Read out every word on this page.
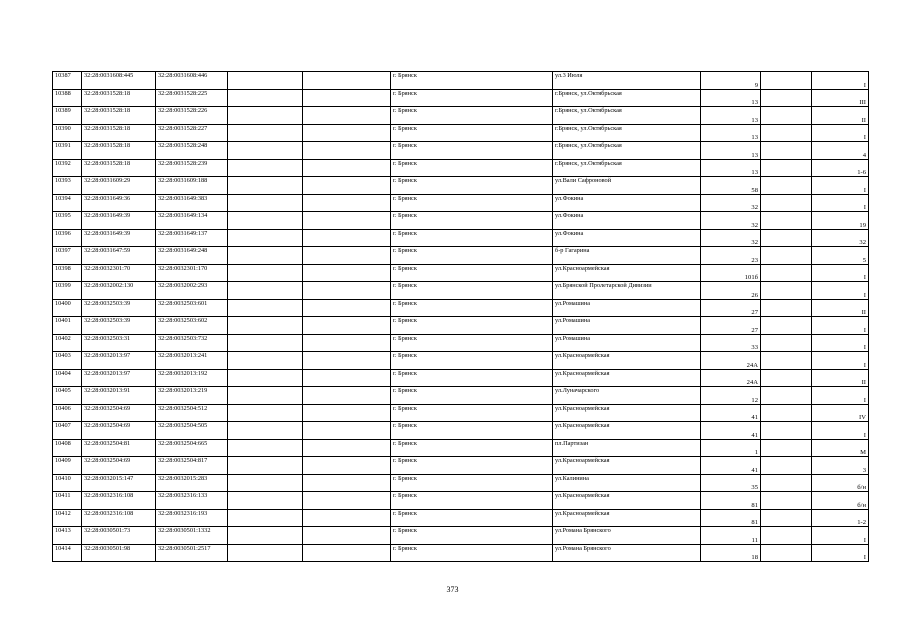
10387	32:28:0031608:445	32:28:0031608:446			г. Брянск	ул.3 Июля	9		I
10388	32:28:0031528:18	32:28:0031528:225			г. Брянск	г.Брянск, ул.Октябрьская	13		III
10389	32:28:0031528:18	32:28:0031528:226			г. Брянск	г.Брянск, ул.Октябрьская	13		II
10390	32:28:0031528:18	32:28:0031528:227			г. Брянск	г.Брянск, ул.Октябрьская	13		I
10391	32:28:0031528:18	32:28:0031528:248			г. Брянск	г.Брянск, ул.Октябрьская	13		4
10392	32:28:0031528:18	32:28:0031528:239			г. Брянск	г.Брянск, ул.Октябрьская	13		1-6
10393	32:28:0031609:29	32:28:0031609:188			г. Брянск	ул.Вали Сафроновой	58		I
10394	32:28:0031649:36	32:28:0031649:383			г. Брянск	ул.Фокина	32		I
10395	32:28:0031649:39	32:28:0031649:134			г. Брянск	ул.Фокина	32		19
10396	32:28:0031649:39	32:28:0031649:137			г. Брянск	ул.Фокина	32		32
10397	32:28:0031647:59	32:28:0031649:248			г. Брянск	б-р Гагарина	23		5
10398	32:28:0032301:70	32:28:0032301:170			г. Брянск	ул.Красноармейская	101б		I
10399	32:28:0032002:130	32:28:0032002:293			г. Брянск	ул.Брянской Пролетарской Дивизии	26		I
10400	32:28:0032503:39	32:28:0032503:601			г. Брянск	ул.Ромашина	27		II
10401	32:28:0032503:39	32:28:0032503:602			г. Брянск	ул.Ромашина	27		I
10402	32:28:0032503:31	32:28:0032503:732			г. Брянск	ул.Ромашина	33		I
10403	32:28:0032013:97	32:28:0032013:241			г. Брянск	ул.Красноармейская	24А		I
10404	32:28:0032013:97	32:28:0032013:192			г. Брянск	ул.Красноармейская	24А		II
10405	32:28:0032013:91	32:28:0032013:219			г. Брянск	ул.Луначарского	12		I
10406	32:28:0032504:69	32:28:0032504:512			г. Брянск	ул.Красноармейская	41		IV
10407	32:28:0032504:69	32:28:0032504:505			г. Брянск	ул.Красноармейская	41		I
10408	32:28:0032504:81	32:28:0032504:665			г. Брянск	пл.Партизан	1		M
10409	32:28:0032504:69	32:28:0032504:817			г. Брянск	ул.Красноармейская	41		3
10410	32:28:0032015:147	32:28:0032015:283			г. Брянск	ул.Калинина	35		б/н
10411	32:28:0032316:108	32:28:0032316:133			г. Брянск	ул.Красноармейская	81		б/н
10412	32:28:0032316:108	32:28:0032316:193			г. Брянск	ул.Красноармейская	81		1-2
10413	32:28:0030501:73	32:28:0030501:1332			г. Брянск	ул.Романа Брянского	11		I
10414	32:28:0030501:98	32:28:0030501:2517			г. Брянск	ул.Романа Брянского	18		I
373
